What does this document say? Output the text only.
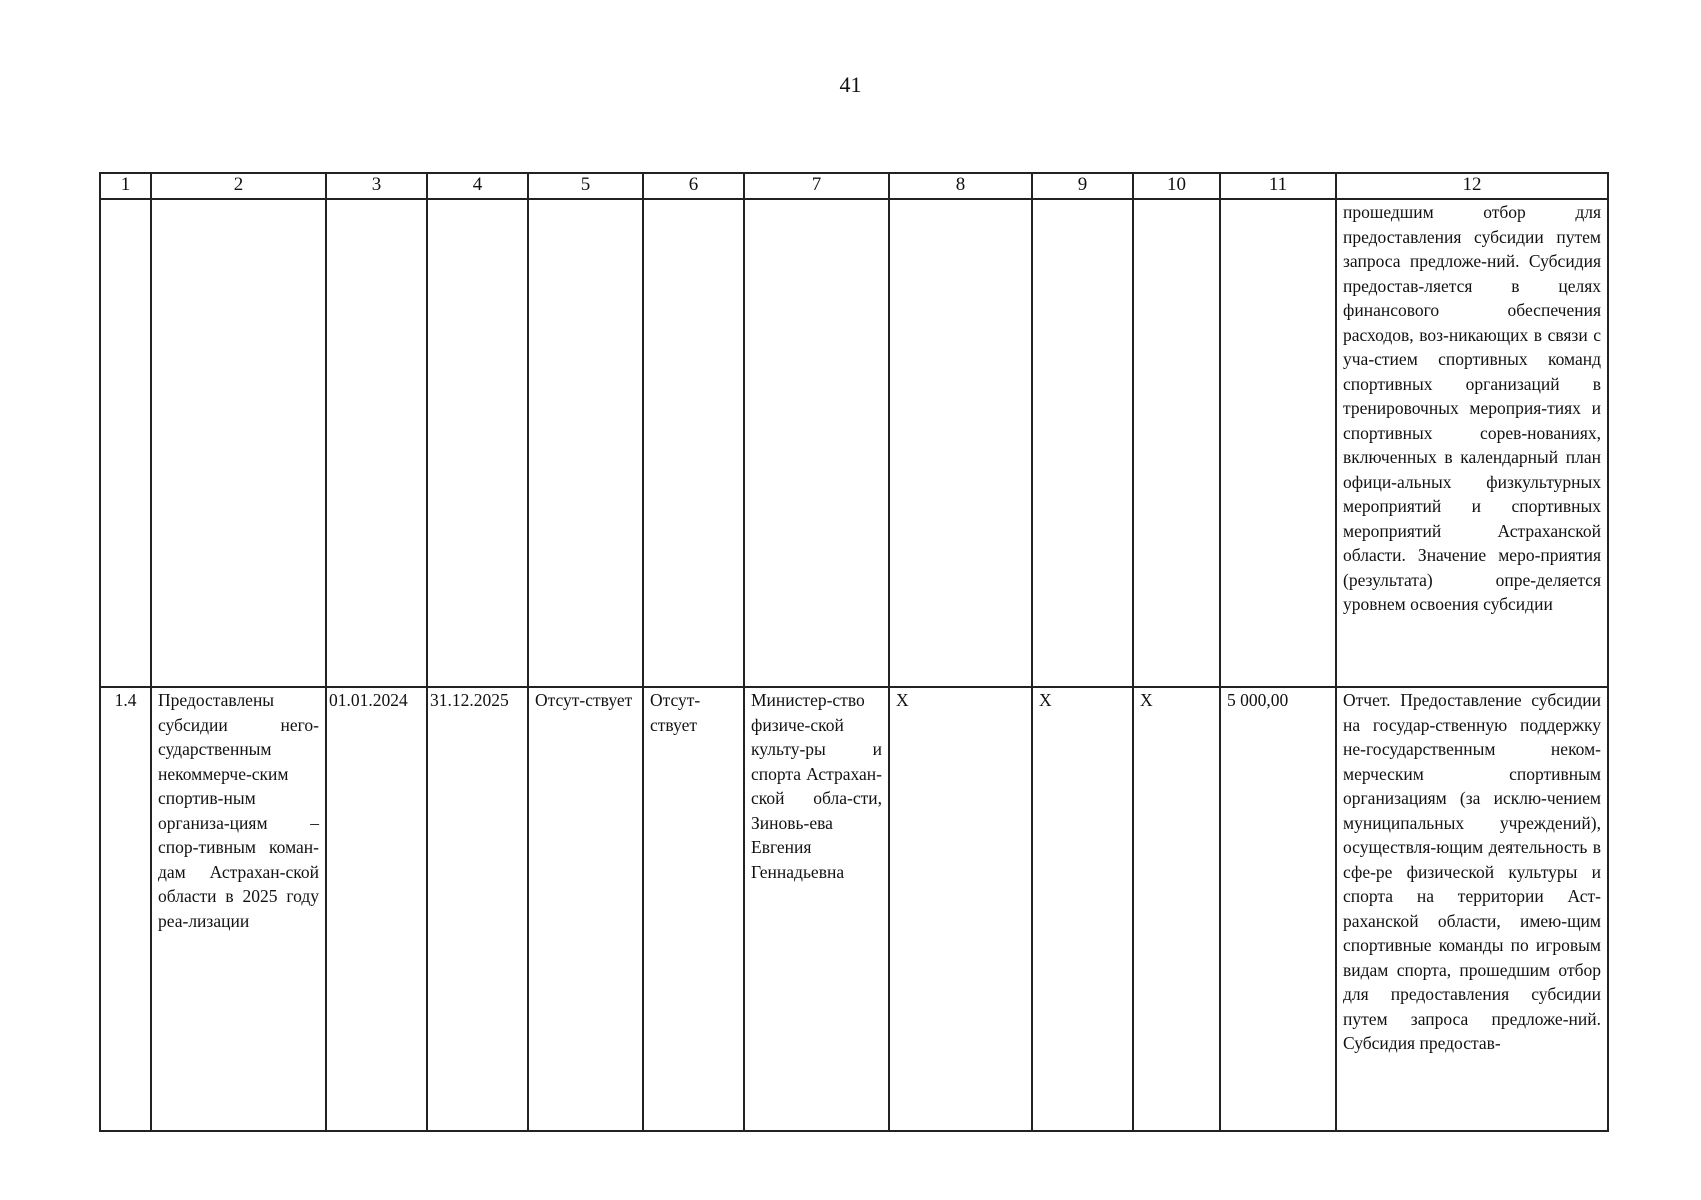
41
1	2	3	4	5	6	7	8	9	10	11	12
											прошедшим отбор для предоставления субсидии путем запроса предложе-ний. Субсидия предостав-ляется в целях финансового обеспечения расходов, воз-никающих в связи с уча-стием спортивных команд спортивных организаций в тренировочных мероприя-тиях и спортивных сорев-нованиях, включенных в календарный план офици-альных физкультурных мероприятий и спортивных мероприятий Астраханской области. Значение меро-приятия (результата) опре-деляется уровнем освоения субсидии
1.4	Предоставлены субсидии него-сударственным некоммерче-ским спортив-ным организа-циям – спор-тивным коман-дам Астрахан-ской области в 2025 году реа-лизации	01.01.2024	31.12.2025	Отсут-ствует	Отсут-ствует	Министер-ство физиче-ской культу-ры и спорта Астрахан-ской обла-сти, Зиновь-ева Евгения Геннадьевна	Х	Х	Х	5 000,00	Отчет. Предоставление субсидии на государ-ственную поддержку не-государственным неком-мерческим спортивным организациям (за исклю-чением муниципальных учреждений), осуществля-ющим деятельность в сфе-ре физической культуры и спорта на территории Аст-раханской области, имею-щим спортивные команды по игровым видам спорта, прошедшим отбор для предоставления субсидии путем запроса предложе-ний. Субсидия предостав-
